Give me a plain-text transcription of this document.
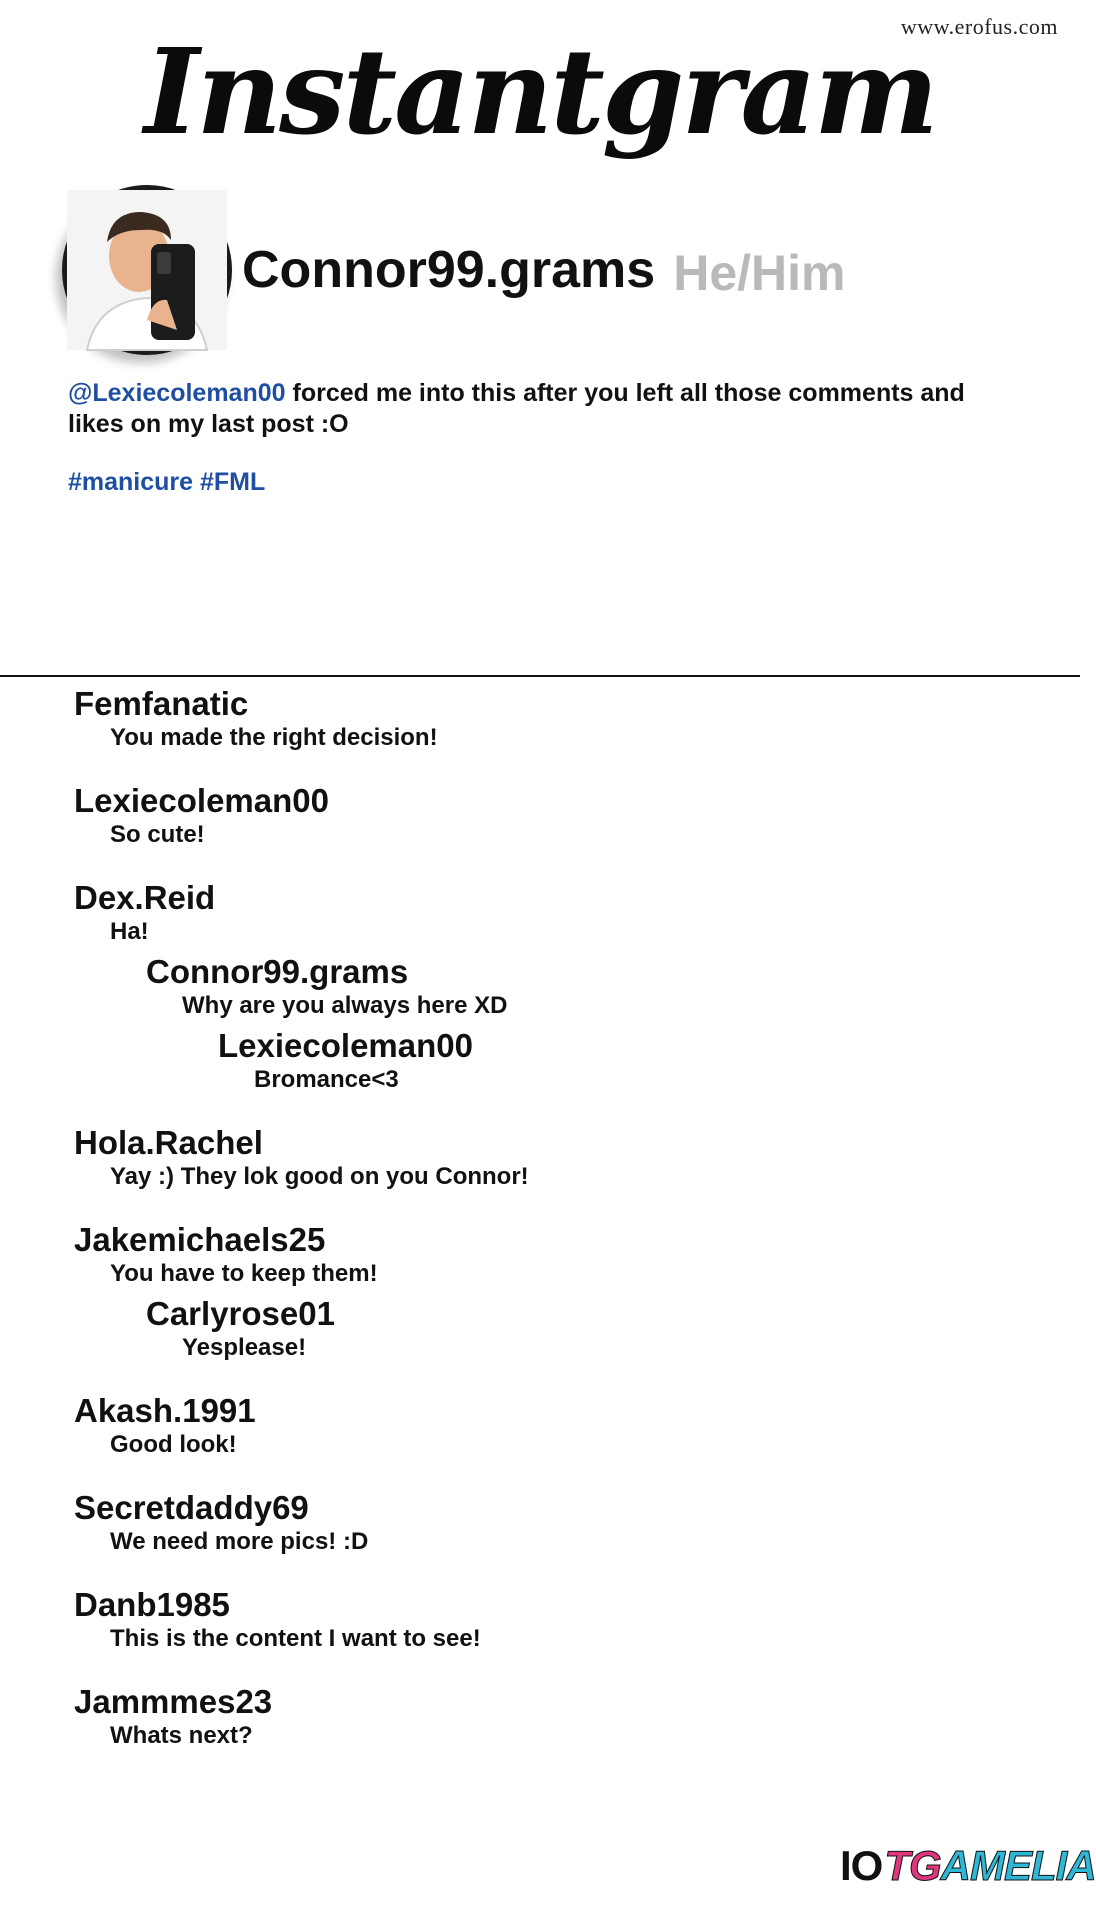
www.erofus.com
Instantgram
Connor99.grams He/Him
@Lexiecoleman00 forced me into this after you left all those comments and likes on my last post :O
#manicure #FML
Femfanatic
You made the right decision!
Lexiecoleman00
So cute!
Dex.Reid
Ha!
Connor99.grams
Why are you always here XD
Lexiecoleman00
Bromance<3
Hola.Rachel
Yay :) They lok good on you Connor!
Jakemichaels25
You have to keep them!
Carlyrose01
Yesplease!
Akash.1991
Good look!
Secretdaddy69
We need more pics! :D
Danb1985
This is the content I want to see!
Jammmes23
Whats next?
IO TG AMELIA
